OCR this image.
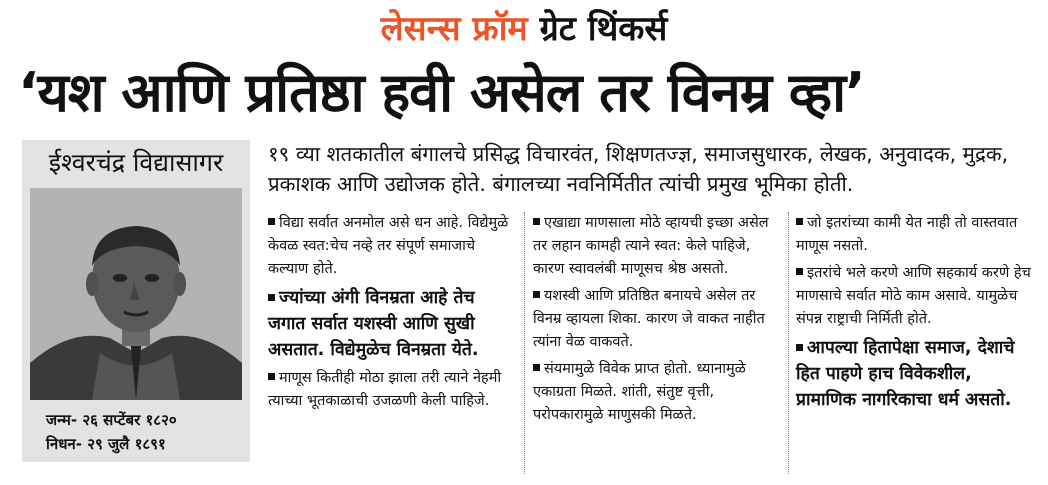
लेसन्स फ्रॉम ग्रेट थिंकर्स
‘यश आणि प्रतिष्ठा हवी असेल तर विनम्र व्हा’
ईश्वरचंद्र विद्यासागर
जन्म- २६ सप्टेंबर १८२०
निधन- २९ जुलै १८९१
१९ व्या शतकातील बंगालचे प्रसिद्ध विचारवंत, शिक्षणतज्ज्ञ, समाजसुधारक, लेखक, अनुवादक, मुद्रक, प्रकाशक आणि उद्योजक होते. बंगालच्या नवनिर्मितीत त्यांची प्रमुख भूमिका होती.

विद्या सर्वात अनमोल असे धन आहे. विद्येमुळे केवळ स्वत:चेच नव्हे तर संपूर्ण समाजाचे कल्याण होते.

ज्यांच्या अंगी विनम्रता आहे तेच जगात सर्वात यशस्वी आणि सुखी असतात. विद्येमुळेच विनम्रता येते.

माणूस कितीही मोठा झाला तरी त्याने नेहमी त्याच्या भूतकाळाची उजळणी केली पाहिजे.

एखाद्या माणसाला मोठे व्हायची इच्छा असेल तर लहान कामही त्याने स्वत: केले पाहिजे, कारण स्वावलंबी माणूसच श्रेष्ठ असतो.

यशस्वी आणि प्रतिष्ठित बनायचे असेल तर विनम्र व्हायला शिका. कारण जे वाकत नाहीत त्यांना वेळ वाकवते.

संयमामुळे विवेक प्राप्त होतो. ध्यानामुळे एकाग्रता मिळते. शांती, संतुष्ट वृत्ती, परोपकारामुळे माणुसकी मिळते.

जो इतरांच्या कामी येत नाही तो वास्तवात माणूस नसतो.

इतरांचे भले करणे आणि सहकार्य करणे हेच माणसाचे सर्वात मोठे काम असावे. यामुळेच संपन्न राष्ट्राची निर्मिती होते.

आपल्या हितापेक्षा समाज, देशाचे हित पाहणे हाच विवेकशील, प्रामाणिक नागरिकाचा धर्म असतो.
